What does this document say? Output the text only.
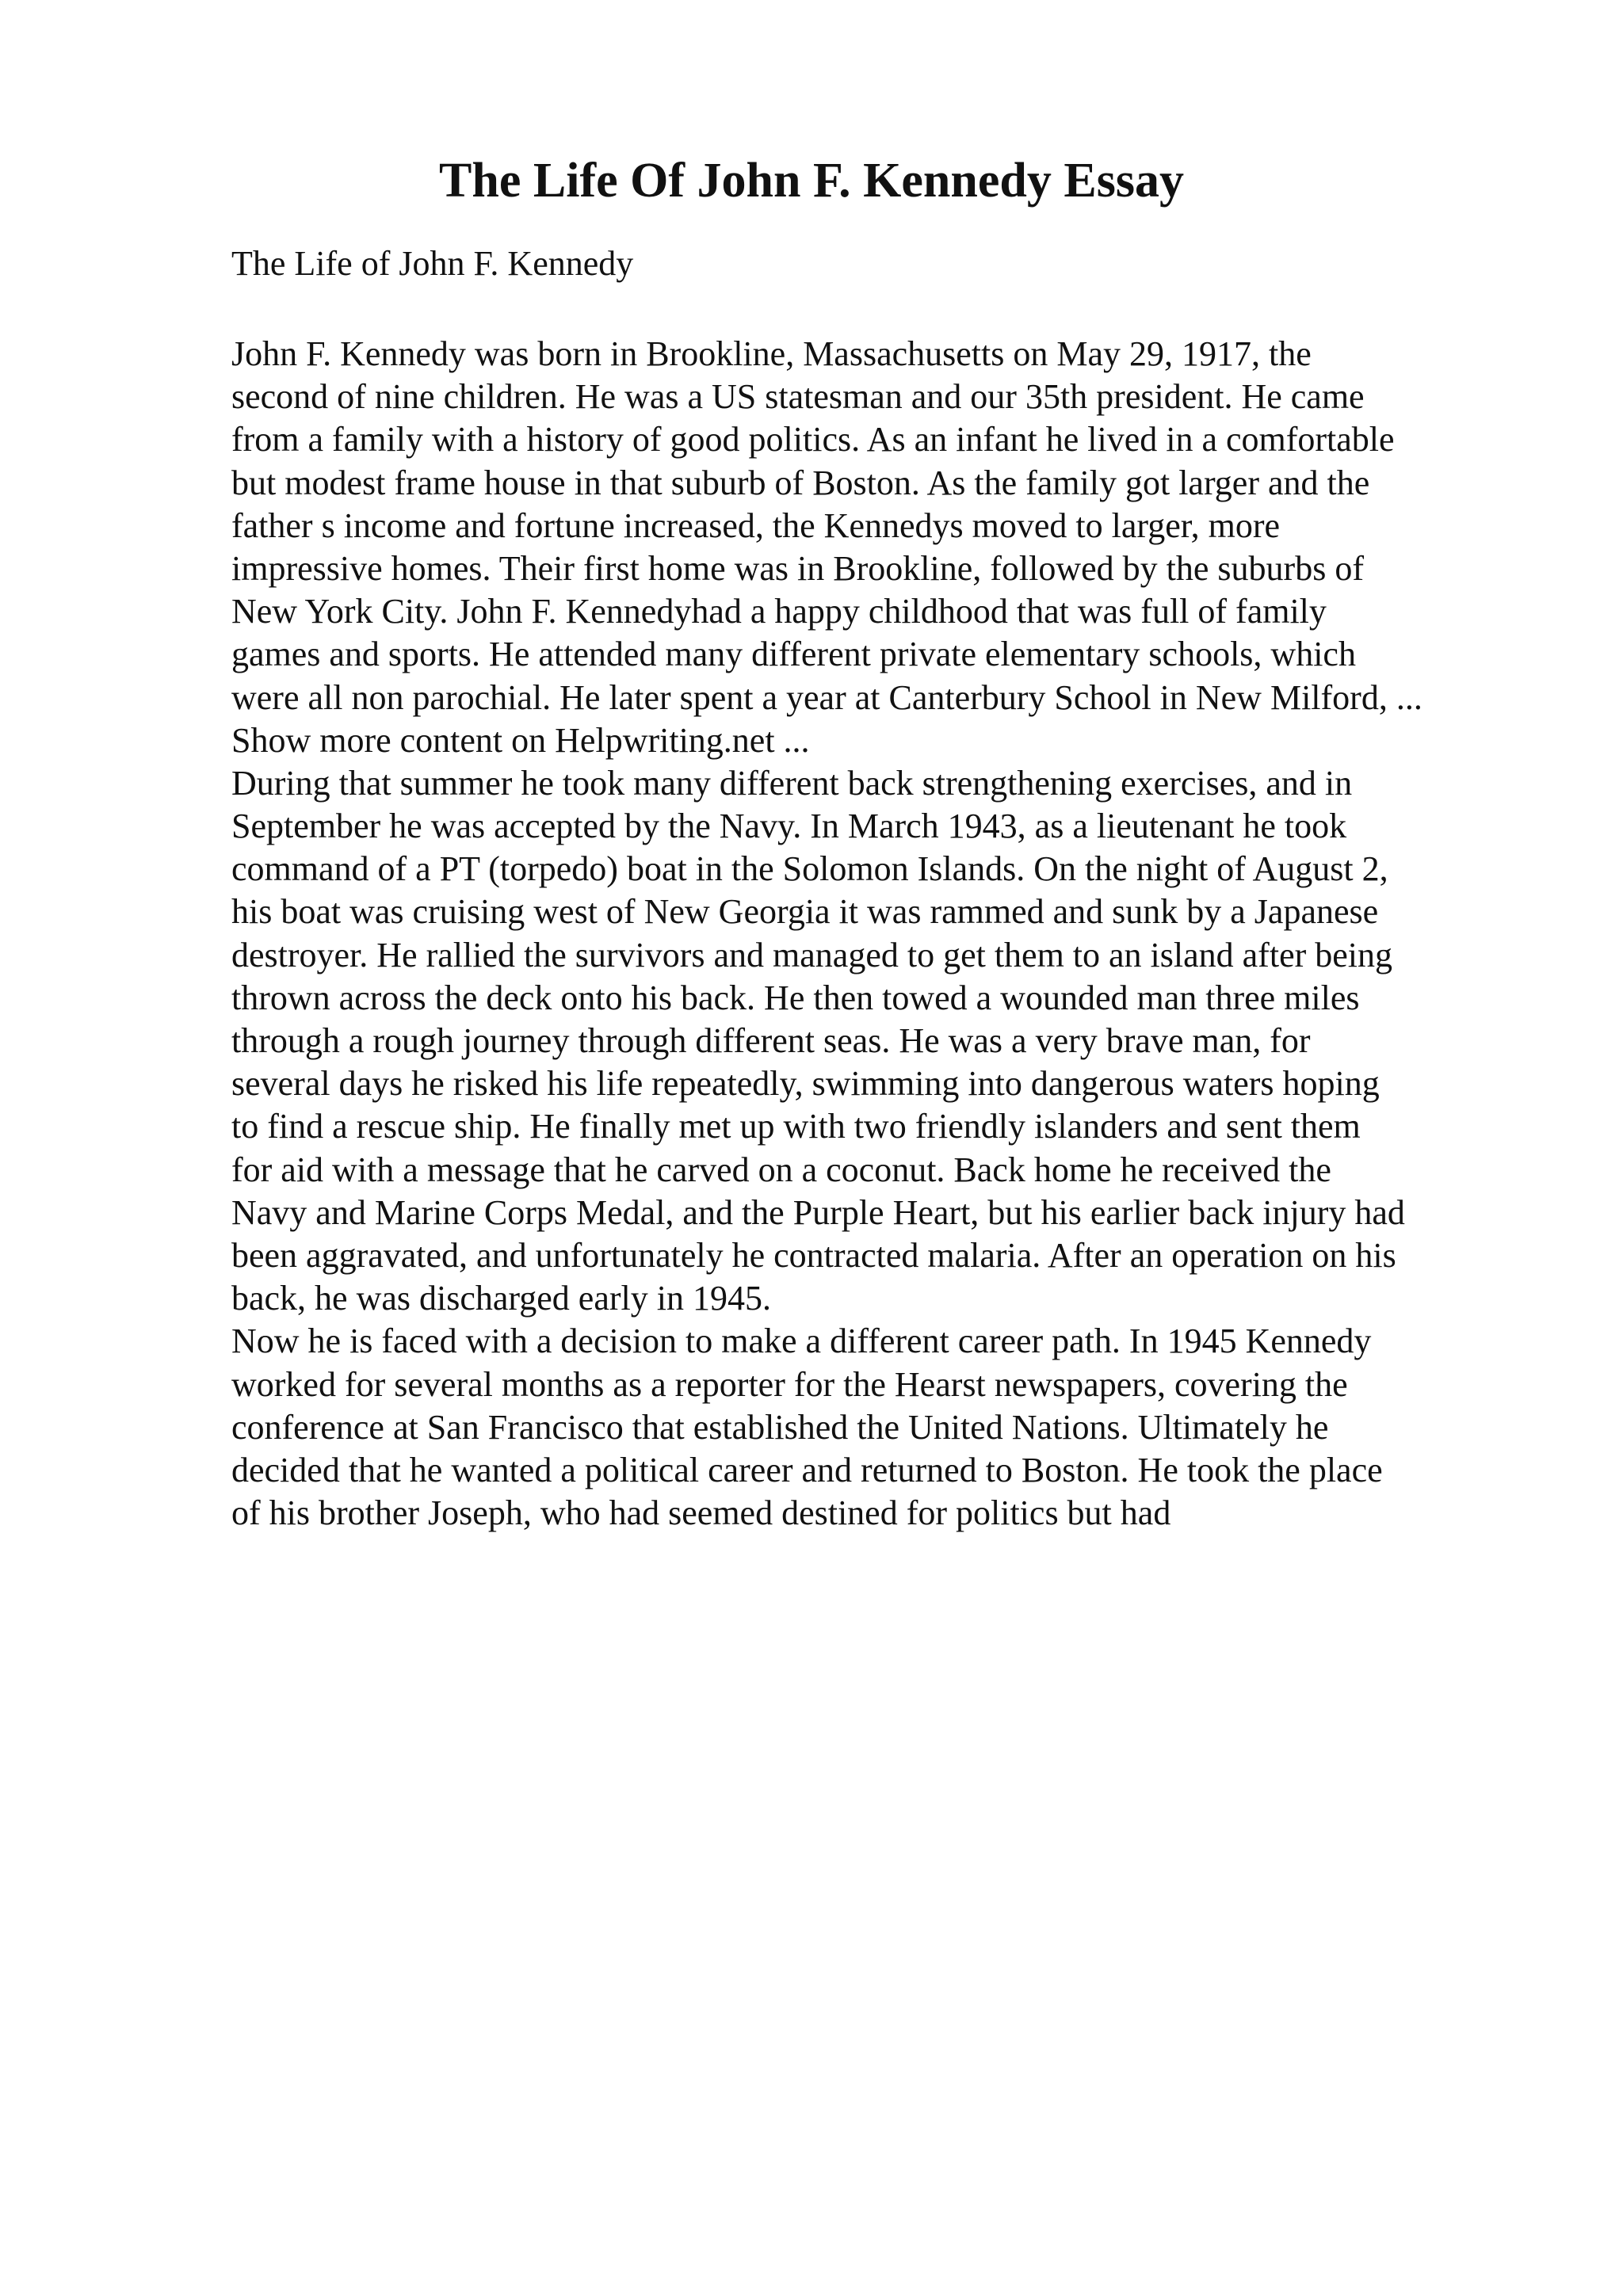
The Life Of John F. Kennedy Essay

The Life of John F. Kennedy

John F. Kennedy was born in Brookline, Massachusetts on May 29, 1917, the
second of nine children. He was a US statesman and our 35th president. He came
from a family with a history of good politics. As an infant he lived in a comfortable
but modest frame house in that suburb of Boston. As the family got larger and the
father s income and fortune increased, the Kennedys moved to larger, more
impressive homes. Their first home was in Brookline, followed by the suburbs of
New York City. John F. Kennedyhad a happy childhood that was full of family
games and sports. He attended many different private elementary schools, which
were all non parochial. He later spent a year at Canterbury School in New Milford, ...
Show more content on Helpwriting.net ...
During that summer he took many different back strengthening exercises, and in
September he was accepted by the Navy. In March 1943, as a lieutenant he took
command of a PT (torpedo) boat in the Solomon Islands. On the night of August 2,
his boat was cruising west of New Georgia it was rammed and sunk by a Japanese
destroyer. He rallied the survivors and managed to get them to an island after being
thrown across the deck onto his back. He then towed a wounded man three miles
through a rough journey through different seas. He was a very brave man, for
several days he risked his life repeatedly, swimming into dangerous waters hoping
to find a rescue ship. He finally met up with two friendly islanders and sent them
for aid with a message that he carved on a coconut. Back home he received the
Navy and Marine Corps Medal, and the Purple Heart, but his earlier back injury had
been aggravated, and unfortunately he contracted malaria. After an operation on his
back, he was discharged early in 1945.
Now he is faced with a decision to make a different career path. In 1945 Kennedy
worked for several months as a reporter for the Hearst newspapers, covering the
conference at San Francisco that established the United Nations. Ultimately he
decided that he wanted a political career and returned to Boston. He took the place
of his brother Joseph, who had seemed destined for politics but had
